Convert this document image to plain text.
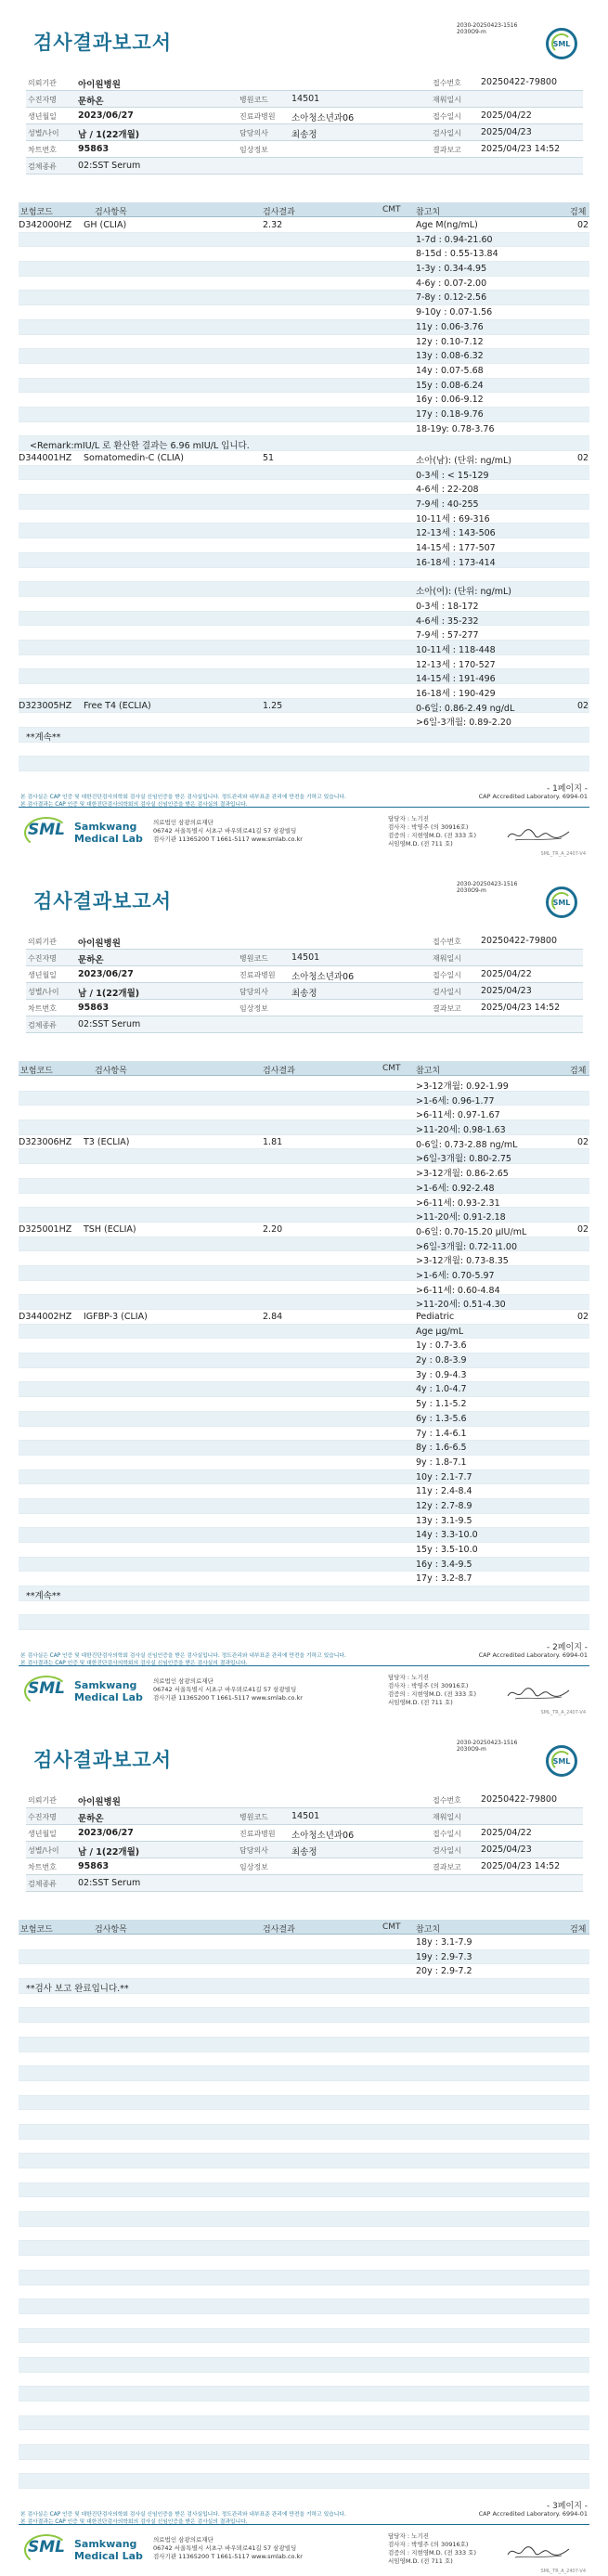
검사결과보고서
2030-20250423-1516
2030O9-m
SML
의뢰기관 아이원병원	접수번호 20250422-79800
수진자명 문하온	병원코드	14501	재워일시
생년월일 2023/06/27	진료과병원 소아청소년과06	접수일시 2025/04/22
성별/나이 남 / 1(22개월)	담당의사	최송정	검사일시 2025/04/23
차트번호 95863	임상정보	결과보고 2025/04/23 14:52
검체종류 02:SST Serum
보험코드	검사항목	검사결과	CMT 참고치	검체
D342000HZ GH (CLIA)	2.32	Age M(ng/mL)	02
1-7d : 0.94-21.60
8-15d : 0.55-13.84
1-3y : 0.34-4.95
4-6y : 0.07-2.00
7-8y : 0.12-2.56
9-10y : 0.07-1.56
11y : 0.06-3.76
12y : 0.10-7.12
13y : 0.08-6.32
14y : 0.07-5.68
15y : 0.08-6.24
16y : 0.06-9.12
17y : 0.18-9.76
18-19y: 0.78-3.76
<Remark:mIU/L 로 환산한 결과는 6.96 mIU/L 입니다.
D344001HZ Somatomedin-C (CLIA)	51	소아(남): (단위: ng/mL)	02
0-3세 : < 15-129
4-6세 : 22-208
7-9세 : 40-255
10-11세 : 69-316
12-13세 : 143-506
14-15세 : 177-507
16-18세 : 173-414
소아(여): (단위: ng/mL)
0-3세 : 18-172
4-6세 : 35-232
7-9세 : 57-277
10-11세 : 118-448
12-13세 : 170-527
14-15세 : 191-496
16-18세 : 190-429
D323005HZ Free T4 (ECLIA)	1.25	0-6일: 0.86-2.49 ng/dL	02
>6일-3개월: 0.89-2.20
**계속**
- 1페이지 -
본 검사실은 CAP 인증 및 대한진단검사의학회 검사실 신임인증을 받은 검사실입니다. 정도관리와 내부표준 관리에 만전을 기하고 있습니다.
본 검사결과는 CAP 인증 및 대한진단검사의학회의 검사실 신임인증을 받은 검사실의 결과입니다.
CAP Accredited Laboratory. 6994-01
SML Samkwang
Medical Lab
의료법인 삼광의료재단
06742 서울특별시 서초구 바우뫼로41길 57 삼광빌딩
검사기관 11365200 T 1661-5117 www.smlab.co.kr
담당자 : 노기진
검사자 : 박영주 (의 30916호)
검증의 : 지현영M.D. (전 333 호)
서임영M.D. (전 711 호)
SML_TR_A_2407-V4
검사결과보고서
2030-20250423-1516
2030O9-m
SML
의뢰기관 아이원병원	접수번호 20250422-79800
수진자명 문하온	병원코드	14501	재워일시
생년월일 2023/06/27	진료과병원 소아청소년과06	접수일시 2025/04/22
성별/나이 남 / 1(22개월)	담당의사	최송정	검사일시 2025/04/23
차트번호 95863	임상정보	결과보고 2025/04/23 14:52
검체종류 02:SST Serum
보험코드	검사항목	검사결과	CMT 참고치	검체
>3-12개월: 0.92-1.99
>1-6세: 0.96-1.77
>6-11세: 0.97-1.67
>11-20세: 0.98-1.63
D323006HZ T3 (ECLIA)	1.81	0-6일: 0.73-2.88 ng/mL	02
>6일-3개월: 0.80-2.75
>3-12개월: 0.86-2.65
>1-6세: 0.92-2.48
>6-11세: 0.93-2.31
>11-20세: 0.91-2.18
D325001HZ TSH (ECLIA)	2.20	0-6일: 0.70-15.20 μIU/mL	02
>6일-3개월: 0.72-11.00
>3-12개월: 0.73-8.35
>1-6세: 0.70-5.97
>6-11세: 0.60-4.84
>11-20세: 0.51-4.30
D344002HZ IGFBP-3 (CLIA)	2.84	Pediatric	02
Age μg/mL
1y : 0.7-3.6
2y : 0.8-3.9
3y : 0.9-4.3
4y : 1.0-4.7
5y : 1.1-5.2
6y : 1.3-5.6
7y : 1.4-6.1
8y : 1.6-6.5
9y : 1.8-7.1
10y : 2.1-7.7
11y : 2.4-8.4
12y : 2.7-8.9
13y : 3.1-9.5
14y : 3.3-10.0
15y : 3.5-10.0
16y : 3.4-9.5
17y : 3.2-8.7
**계속**
- 2페이지 -
본 검사실은 CAP 인증 및 대한진단검사의학회 검사실 신임인증을 받은 검사실입니다. 정도관리와 내부표준 관리에 만전을 기하고 있습니다.
본 검사결과는 CAP 인증 및 대한진단검사의학회의 검사실 신임인증을 받은 검사실의 결과입니다.
CAP Accredited Laboratory. 6994-01
SML Samkwang
Medical Lab
의료법인 삼광의료재단
06742 서울특별시 서초구 바우뫼로41길 57 삼광빌딩
검사기관 11365200 T 1661-5117 www.smlab.co.kr
담당자 : 노기진
검사자 : 박영주 (의 30916호)
검증의 : 지현영M.D. (전 333 호)
서임영M.D. (전 711 호)
SML_TR_A_2407-V4
검사결과보고서
2030-20250423-1516
2030O9-m
SML
의뢰기관 아이원병원	접수번호 20250422-79800
수진자명 문하온	병원코드	14501	재워일시
생년월일 2023/06/27	진료과병원 소아청소년과06	접수일시 2025/04/22
성별/나이 남 / 1(22개월)	담당의사	최송정	검사일시 2025/04/23
차트번호 95863	임상정보	결과보고 2025/04/23 14:52
검체종류 02:SST Serum
보험코드	검사항목	검사결과	CMT 참고치	검체
18y : 3.1-7.9
19y : 2.9-7.3
20y : 2.9-7.2
**검사 보고 완료입니다.**
- 3페이지 -
본 검사실은 CAP 인증 및 대한진단검사의학회 검사실 신임인증을 받은 검사실입니다. 정도관리와 내부표준 관리에 만전을 기하고 있습니다.
본 검사결과는 CAP 인증 및 대한진단검사의학회의 검사실 신임인증을 받은 검사실의 결과입니다.
CAP Accredited Laboratory. 6994-01
SML Samkwang
Medical Lab
의료법인 삼광의료재단
06742 서울특별시 서초구 바우뫼로41길 57 삼광빌딩
검사기관 11365200 T 1661-5117 www.smlab.co.kr
담당자 : 노기진
검사자 : 박영주 (의 30916호)
검증의 : 지현영M.D. (전 333 호)
서임영M.D. (전 711 호)
SML_TR_A_2407-V4
